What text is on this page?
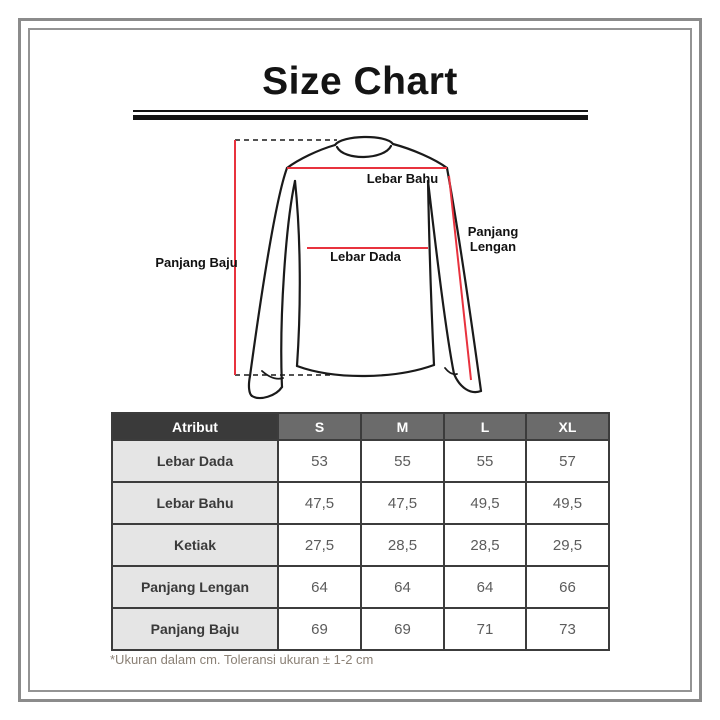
Size Chart
Lebar Bahu
Lebar Dada
Panjang
Lengan
Panjang Baju
Atribut	S	M	L	XL
Lebar Dada	53	55	55	57
Lebar Bahu	47,5	47,5	49,5	49,5
Ketiak	27,5	28,5	28,5	29,5
Panjang Lengan	64	64	64	66
Panjang Baju	69	69	71	73
*Ukuran dalam cm. Toleransi ukuran ± 1-2 cm
